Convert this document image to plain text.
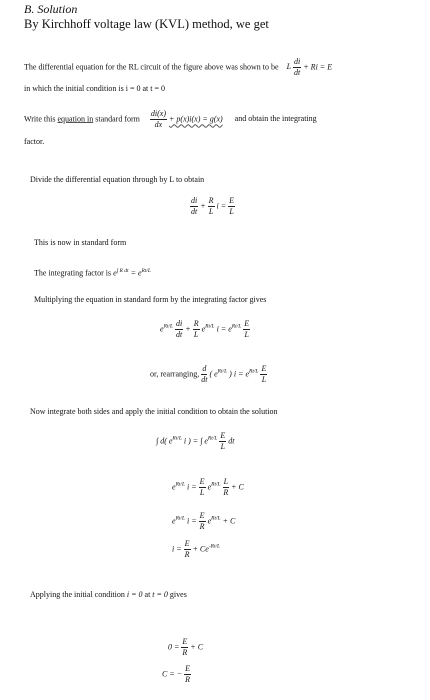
B. Solution
By Kirchhoff voltage law (KVL) method, we get
The differential equation for the RL circuit of the figure above was shown to be L $\frac{di}{dt} + Ri = E$
in which the initial condition is i = 0 at t = 0
Write this equation in standard form $\frac{di(x)}{dx} + p(x)i(x) = g(x)$ and obtain the integrating
factor.
Divide the differential equation through by L to obtain
$\frac{di}{dt} + \frac{R}{L}$ $i = \frac{E}{L}$
This is now in standard form
The integrating factor is $e^{\int R dt} = e^{Rt/L}$
Multiplying the equation in standard form by the integrating factor gives
$e^{Rt/L} \frac{di}{dt} + \frac{R}{L} e^{Rt/L}$ $i = e^{Rt/L} \frac{E}{L}$
or, rearranging, $\frac{d}{dt}$ ( $e^{Rt/L}$ ) $i = e^{Rt/L} \frac{E}{L}$
Now integrate both sides and apply the initial condition to obtain the solution
∫ d( $e^{Rt/L}$ i ) = ∫ $e^{Rt/L} \frac{E}{L}$ dt
$e^{Rt/L}$ $i = \frac{E}{L} e^{Rt/L} \frac{L}{R} + C$
$e^{Rt/L}$ $i = \frac{E}{R} e^{Rt/L} + C$
$i = \frac{E}{R} + Ce^{-Rt/L}$
Applying the initial condition i = 0 at t = 0 gives
$0 = \frac{E}{R} + C$
C = − $\frac{E}{R}$
